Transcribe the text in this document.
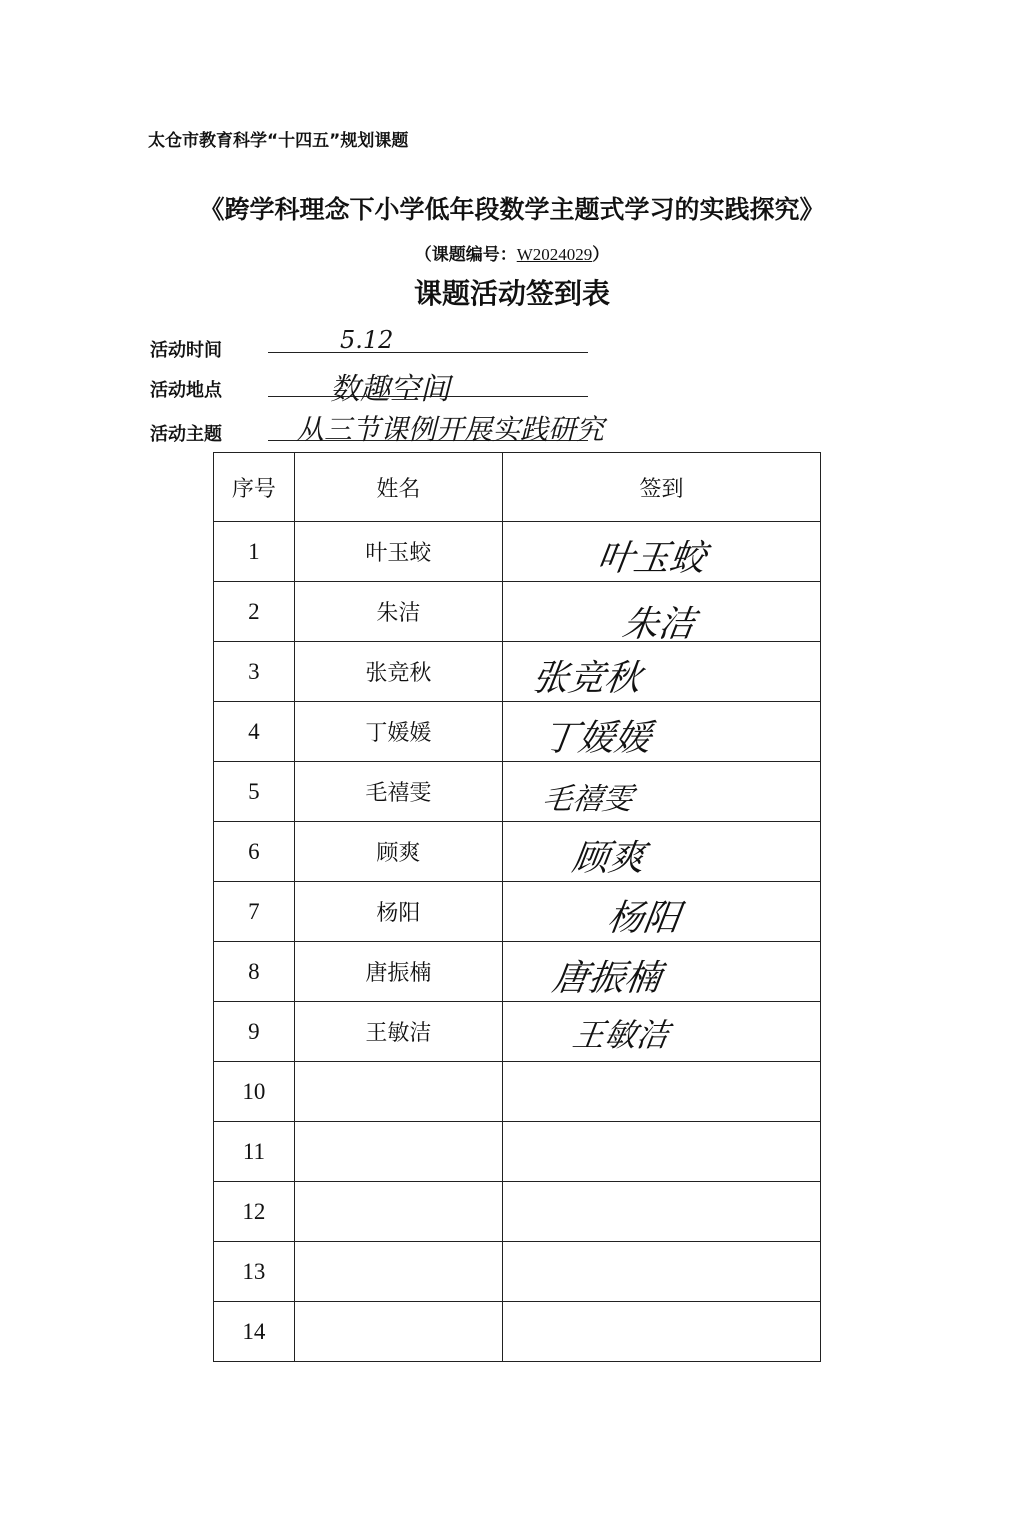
太仓市教育科学“十四五”规划课题
《跨学科理念下小学低年段数学主题式学习的实践探究》
（课题编号：W2024029）
课题活动签到表
活动时间	5.12
活动地点	数趣空间
活动主题	从三节课例开展实践研究
序号	姓名	签到
1	叶玉蛟	叶玉蛟

2	朱洁	朱洁

3	张竞秋	张竞秋

4	丁媛媛	丁媛媛

5	毛禧雯	毛禧雯

6	顾爽	顾爽

7	杨阳	杨阳

8	唐振楠	唐振楠

9	王敏洁	王敏洁

10		
11		
12		
13		
14		
